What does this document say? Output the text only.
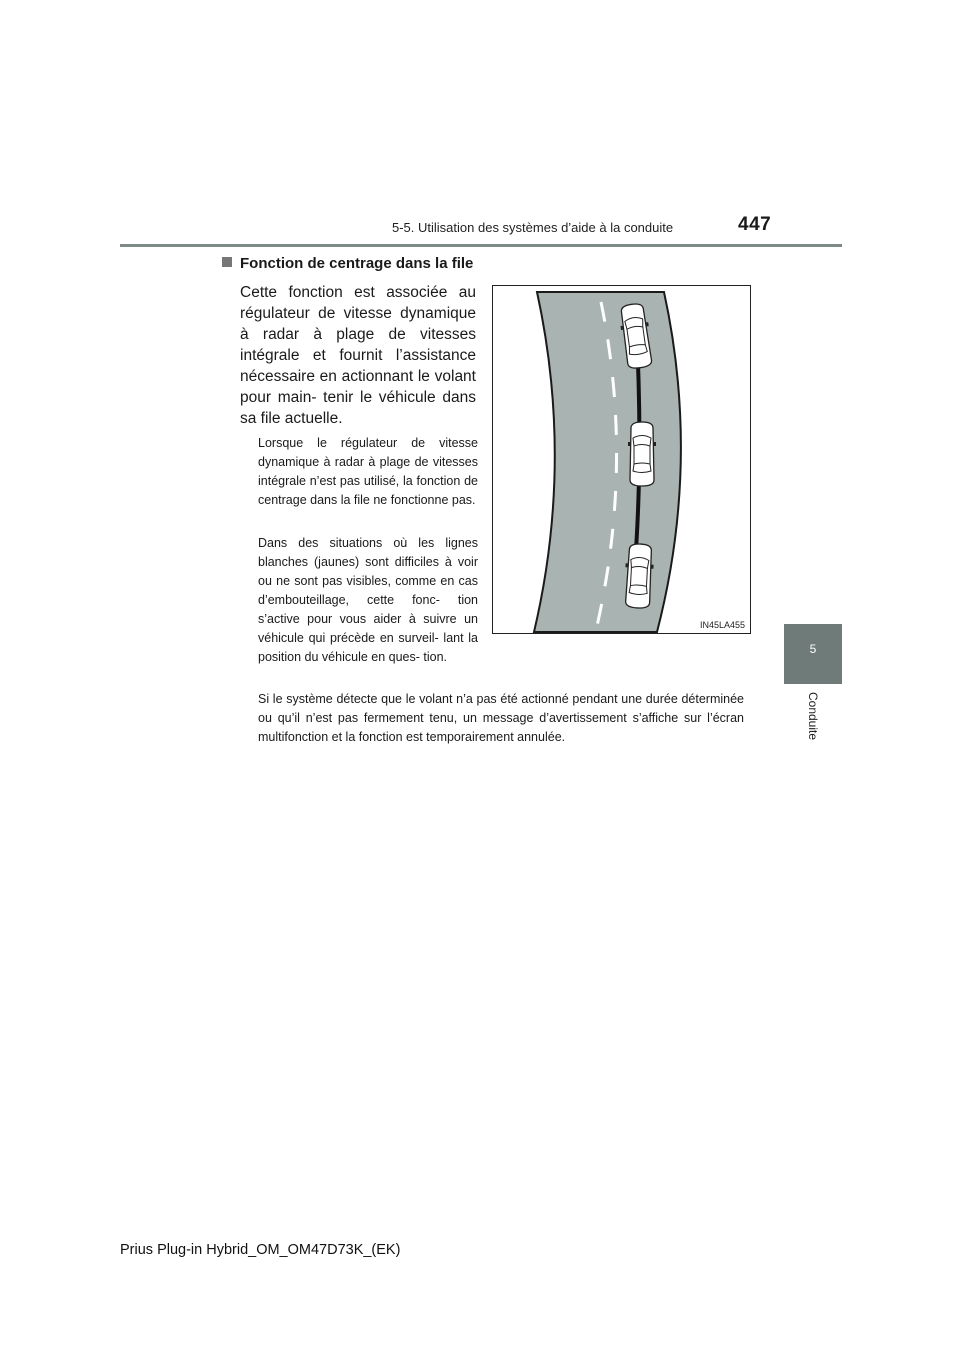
5-5. Utilisation des systèmes d’aide à la conduite	447
5
Conduite
Fonction de centrage dans la file

Cette fonction est associée au régulateur de vitesse dynamique à radar à plage de vitesses intégrale et fournit l’assistance nécessaire en actionnant le volant pour main- tenir le véhicule dans sa file actuelle.

Lorsque le régulateur de vitesse dynamique à radar à plage de vitesses intégrale n’est pas utilisé, la fonction de centrage dans la file ne fonctionne pas.

Dans des situations où les lignes blanches (jaunes) sont difficiles à voir ou ne sont pas visibles, comme en cas d’embouteillage, cette fonc- tion s’active pour vous aider à suivre un véhicule qui précède en surveil- lant la position du véhicule en ques- tion.

Si le système détecte que le volant n’a pas été actionné pendant une durée déterminée ou qu’il n’est pas fermement tenu, un message d’avertissement s’affiche sur l’écran multifonction et la fonction est temporairement annulée.

IN45LA455
Prius Plug-in Hybrid_OM_OM47D73K_(EK)
